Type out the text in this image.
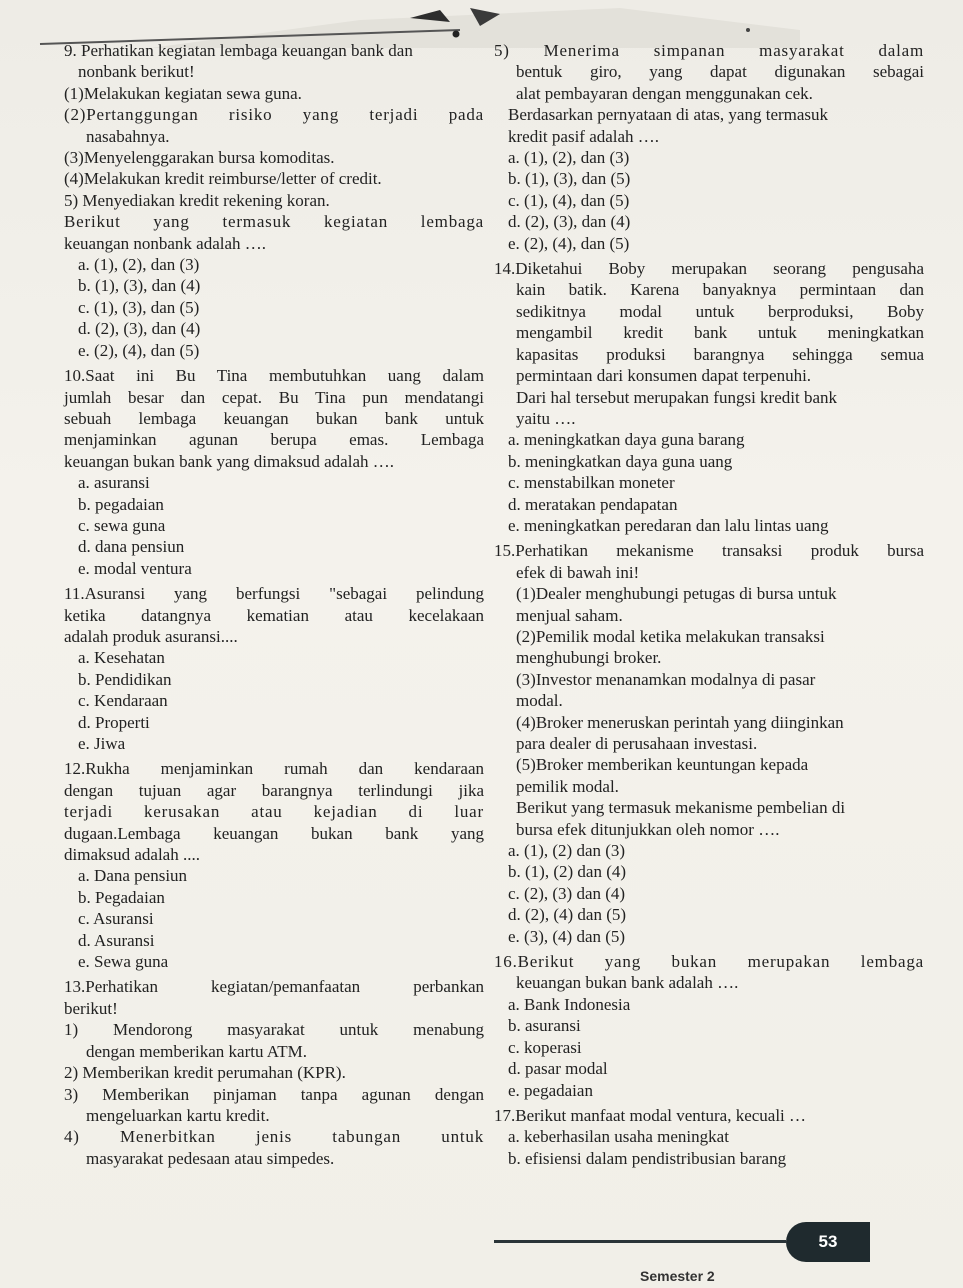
9. Perhatikan kegiatan lembaga keuangan bank dan
nonbank berikut!
(1)Melakukan kegiatan sewa guna.
(2)Pertanggungan risiko yang terjadi pada
nasabahnya.
(3)Menyelenggarakan bursa komoditas.
(4)Melakukan kredit reimburse/letter of credit.
5) Menyediakan kredit rekening koran.
Berikut yang termasuk kegiatan lembaga
keuangan nonbank adalah ….
a. (1), (2), dan (3)
b. (1), (3), dan (4)
c. (1), (3), dan (5)
d. (2), (3), dan (4)
e. (2), (4), dan (5)
10.Saat ini Bu Tina membutuhkan uang dalam
jumlah besar dan cepat. Bu Tina pun mendatangi
sebuah lembaga keuangan bukan bank untuk
menjaminkan agunan berupa emas. Lembaga
keuangan bukan bank yang dimaksud adalah ….
a. asuransi
b. pegadaian
c. sewa guna
d. dana pensiun
e. modal ventura
11.Asuransi yang berfungsi "sebagai pelindung
ketika datangnya kematian atau kecelakaan
adalah produk asuransi....
a. Kesehatan
b. Pendidikan
c. Kendaraan
d. Properti
e. Jiwa
12.Rukha menjaminkan rumah dan kendaraan
dengan tujuan agar barangnya terlindungi jika
terjadi kerusakan atau kejadian di luar
dugaan.Lembaga keuangan bukan bank yang
dimaksud adalah ....
a. Dana pensiun
b. Pegadaian
c. Asuransi
d. Asuransi
e. Sewa guna
13.Perhatikan kegiatan/pemanfaatan perbankan
berikut!
1) Mendorong masyarakat untuk menabung
dengan memberikan kartu ATM.
2) Memberikan kredit perumahan (KPR).
3) Memberikan pinjaman tanpa agunan dengan
mengeluarkan kartu kredit.
4) Menerbitkan jenis tabungan untuk
masyarakat pedesaan atau simpedes.
5) Menerima simpanan masyarakat dalam
bentuk giro, yang dapat digunakan sebagai
alat pembayaran dengan menggunakan cek.
Berdasarkan pernyataan di atas, yang termasuk
kredit pasif adalah ….
a. (1), (2), dan (3)
b. (1), (3), dan (5)
c. (1), (4), dan (5)
d. (2), (3), dan (4)
e. (2), (4), dan (5)
14.Diketahui Boby merupakan seorang pengusaha
kain batik. Karena banyaknya permintaan dan
sedikitnya modal untuk berproduksi, Boby
mengambil kredit bank untuk meningkatkan
kapasitas produksi barangnya sehingga semua
permintaan dari konsumen dapat terpenuhi.
Dari hal tersebut merupakan fungsi kredit bank
yaitu ….
a. meningkatkan daya guna barang
b. meningkatkan daya guna uang
c. menstabilkan moneter
d. meratakan pendapatan
e. meningkatkan peredaran dan lalu lintas uang
15.Perhatikan mekanisme transaksi produk bursa
efek di bawah ini!
(1)Dealer menghubungi petugas di bursa untuk
menjual saham.
(2)Pemilik modal ketika melakukan transaksi
menghubungi broker.
(3)Investor menanamkan modalnya di pasar
modal.
(4)Broker meneruskan perintah yang diinginkan
para dealer di perusahaan investasi.
(5)Broker memberikan keuntungan kepada
pemilik modal.
Berikut yang termasuk mekanisme pembelian di
bursa efek ditunjukkan oleh nomor ….
a. (1), (2) dan (3)
b. (1), (2) dan (4)
c. (2), (3) dan (4)
d. (2), (4) dan (5)
e. (3), (4) dan (5)
16.Berikut yang bukan merupakan lembaga
keuangan bukan bank adalah ….
a. Bank Indonesia
b. asuransi
c. koperasi
d. pasar modal
e. pegadaian
17.Berikut manfaat modal ventura, kecuali …
a. keberhasilan usaha meningkat
b. efisiensi dalam pendistribusian barang
53
Semester 2
